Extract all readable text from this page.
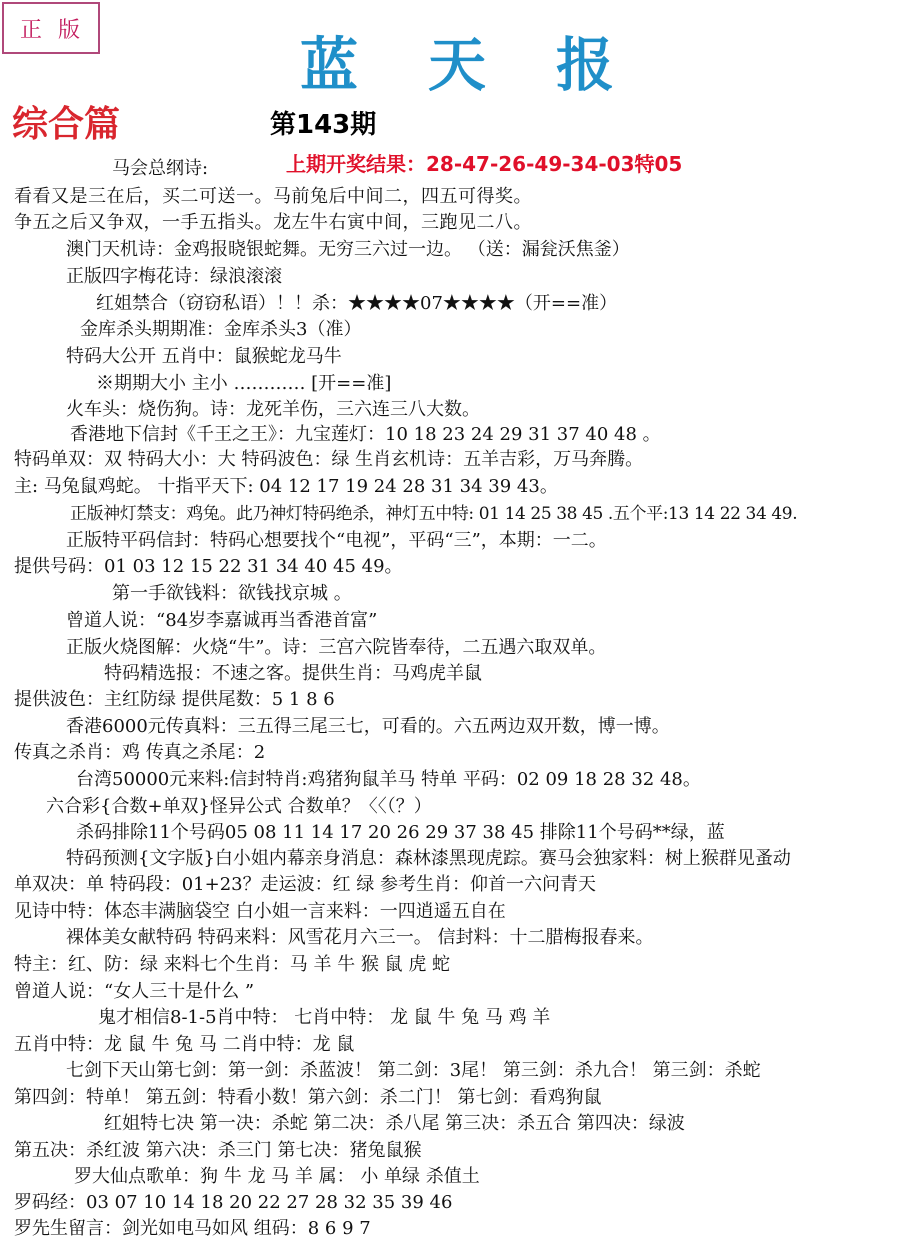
正版
蓝天报
综合篇	第143期
上期开奖结果：28-47-26-49-34-03特05
马会总纲诗:
看看又是三在后，买二可送一。马前兔后中间二，四五可得奖。
争五之后又争双，一手五指头。龙左牛右寅中间，三跑见二八。
澳门天机诗：金鸡报晓银蛇舞。无穷三六过一边。 （送：漏瓮沃焦釜）
正版四字梅花诗：绿浪滚滚
红姐禁合（窃窃私语）！！杀：★★★★07★★★★（开==准）
金库杀头期期准：金库杀头3（准）
特码大公开 五肖中：鼠猴蛇龙马牛
※期期大小 主小 ………… [开==准]
火车头：烧伤狗。诗：龙死羊伤，三六连三八大数。
香港地下信封《千王之王》：九宝莲灯：10 18 23 24 29 31 37 40 48 。
特码单双：双 特码大小：大 特码波色：绿 生肖玄机诗：五羊吉彩，万马奔腾。
主: 马兔鼠鸡蛇。 十指平天下: 04 12 17 19 24 28 31 34 39 43。
正版神灯禁支：鸡兔。此乃神灯特码绝杀，神灯五中特: 01 14 25 38 45 .五个平:13 14 22 34 49.
正版特平码信封：特码心想要找个“电视”，平码“三”，本期：一二。
提供号码：01 03 12 15 22 31 34 40 45 49。
第一手欲钱料：欲钱找京城 。
曾道人说：“84岁李嘉诚再当香港首富”
正版火烧图解：火烧“牛”。诗：三宫六院皆奉待，二五遇六取双单。
特码精选报：不速之客。提供生肖：马鸡虎羊鼠
提供波色：主红防绿 提供尾数：5 1 8 6
香港6000元传真料：三五得三尾三七，可看的。六五两边双开数，博一博。
传真之杀肖：鸡 传真之杀尾：2
台湾50000元来料:信封特肖:鸡猪狗鼠羊马 特单 平码：02 09 18 28 32 48。
六合彩{合数+单双}怪异公式 合数单？〈〈（？）
杀码排除11个号码05 08 11 14 17 20 26 29 37 38 45 排除11个号码**绿，蓝
特码预测{文字版}白小姐内幕亲身消息：森林漆黑现虎踪。赛马会独家料：树上猴群见蚤动
单双决：单 特码段：01+23？走运波：红 绿 参考生肖：仰首一六问青天
见诗中特：体态丰满脑袋空 白小姐一言来料：一四逍遥五自在
裸体美女献特码 特码来料：风雪花月六三一。 信封料：十二腊梅报春来。
特主：红、防：绿 来料七个生肖：马 羊 牛 猴 鼠 虎 蛇
曾道人说：“女人三十是什么 ”
鬼才相信8-1-5肖中特： 七肖中特： 龙 鼠 牛 兔 马 鸡 羊
五肖中特：龙 鼠 牛 兔 马 二肖中特：龙 鼠
七剑下天山第七剑：第一剑：杀蓝波！ 第二剑：3尾！ 第三剑：杀九合！ 第三剑：杀蛇
第四剑：特单！ 第五剑：特看小数！第六剑：杀二门！ 第七剑：看鸡狗鼠
红姐特七决 第一决：杀蛇 第二决：杀八尾 第三决：杀五合 第四决：绿波
第五决：杀红波 第六决：杀三门 第七决：猪兔鼠猴
罗大仙点歌单：狗 牛 龙 马 羊 属： 小 单绿 杀值土
罗码经：03 07 10 14 18 20 22 27 28 32 35 39 46
罗先生留言：剑光如电马如风 组码：8 6 9 7
